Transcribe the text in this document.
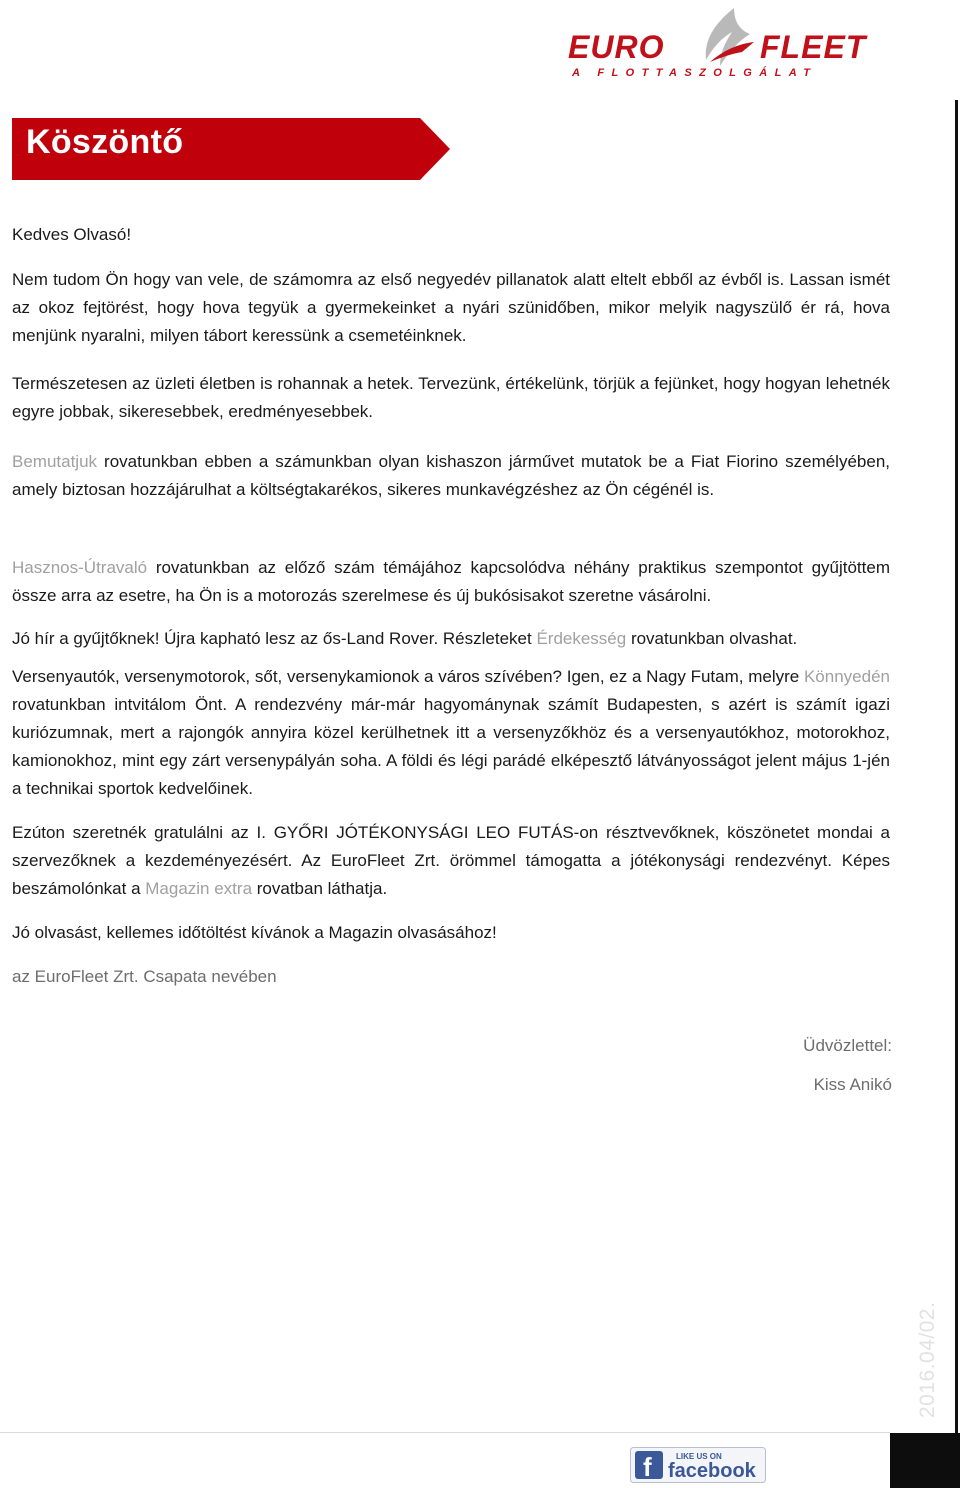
EURO	FLEET
A FLOTTASZOLGÁLAT
Köszöntő

Kedves Olvasó!

Nem tudom Ön hogy van vele, de számomra az első negyedév pillanatok alatt eltelt ebből az évből is. Lassan ismét az okoz fejtörést, hogy hova tegyük a gyermekeinket a nyári szünidőben, mikor melyik nagyszülő ér rá, hova menjünk nyaralni, milyen tábort keressünk a csemetéinknek.

Természetesen az üzleti életben is rohannak a hetek. Tervezünk, értékelünk, törjük a fejünket, hogy hogyan lehetnék egyre jobbak, sikeresebbek, eredményesebbek.

Bemutatjuk rovatunkban ebben a számunkban olyan kishaszon járművet mutatok be a Fiat Fiorino személyében, amely biztosan hozzájárulhat a költségtakarékos, sikeres munkavégzéshez az Ön cégénél is.

Hasznos-Útravaló rovatunkban az előző szám témájához kapcsolódva néhány praktikus szempontot gyűjtöttem össze arra az esetre, ha Ön is a motorozás szerelmese és új bukósisakot szeretne vásárolni.

Jó hír a gyűjtőknek! Újra kapható lesz az ős-Land Rover. Részleteket Érdekesség rovatunkban olvashat.

Versenyautók, versenymotorok, sőt, versenykamionok a város szívében? Igen, ez a Nagy Futam, melyre Könnyedén rovatunkban intvitálom Önt. A rendezvény már-már hagyománynak számít Budapesten, s azért is számít igazi kuriózumnak, mert a rajongók annyira közel kerülhetnek itt a versenyzőkhöz és a versenyautókhoz, motorokhoz, kamionokhoz, mint egy zárt versenypályán soha. A földi és légi parádé elképesztő látványosságot jelent május 1-jén a technikai sportok kedvelőinek.

Ezúton szeretnék gratulálni az I. GYŐRI JÓTÉKONYSÁGI LEO FUTÁS-on résztvevőknek, köszönetet mondai a szervezőknek a kezdeményezésért. Az EuroFleet Zrt. örömmel támogatta a jótékonysági rendezvényt. Képes beszámolónkat a Magazin extra rovatban láthatja.

Jó olvasást, kellemes időtöltést kívánok a Magazin olvasásához!

az EuroFleet Zrt. Csapata nevében

Üdvözlettel:
Kiss Anikó
2016.04/02.
f	LIKE US ON
facebook
